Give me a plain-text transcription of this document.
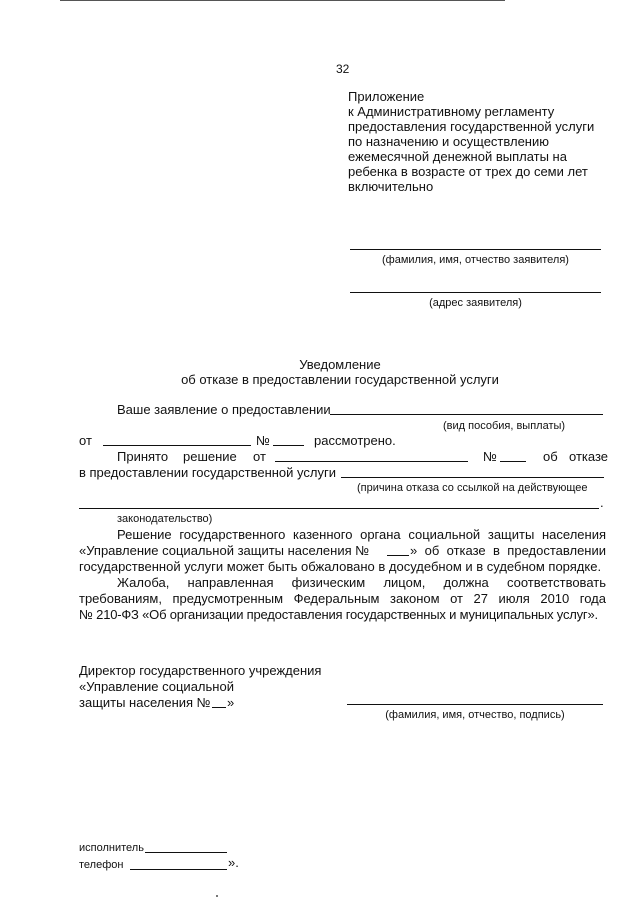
32
Приложение
к Административному регламенту
предоставления государственной услуги
по назначению и осуществлению
ежемесячной денежной выплаты на
ребенка в возрасте от трех до семи лет
включительно
(фамилия, имя, отчество заявителя)
(адрес заявителя)
Уведомление
об отказе в предоставлении государственной услуги
Ваше заявление о предоставлении
(вид пособия, выплаты)
от	№	рассмотрено.
Принято решение от	№	об отказе
в предоставлении государственной услуги
(причина отказа со ссылкой на действующее
.
законодательство)
Решение государственного казенного органа социальной защиты населения
«Управление социальной защиты населения №	» об отказе в предоставлении
государственной услуги может быть обжаловано в досудебном и в судебном порядке.
Жалоба, направленная физическим лицом, должна соответствовать
требованиям, предусмотренным Федеральным законом от 27 июля 2010 года
№ 210-ФЗ «Об организации предоставления государственных и муниципальных услуг».
Директор государственного учреждения
«Управление социальной
защиты населения № »
(фамилия, имя, отчество, подпись)
исполнитель
телефон	».
